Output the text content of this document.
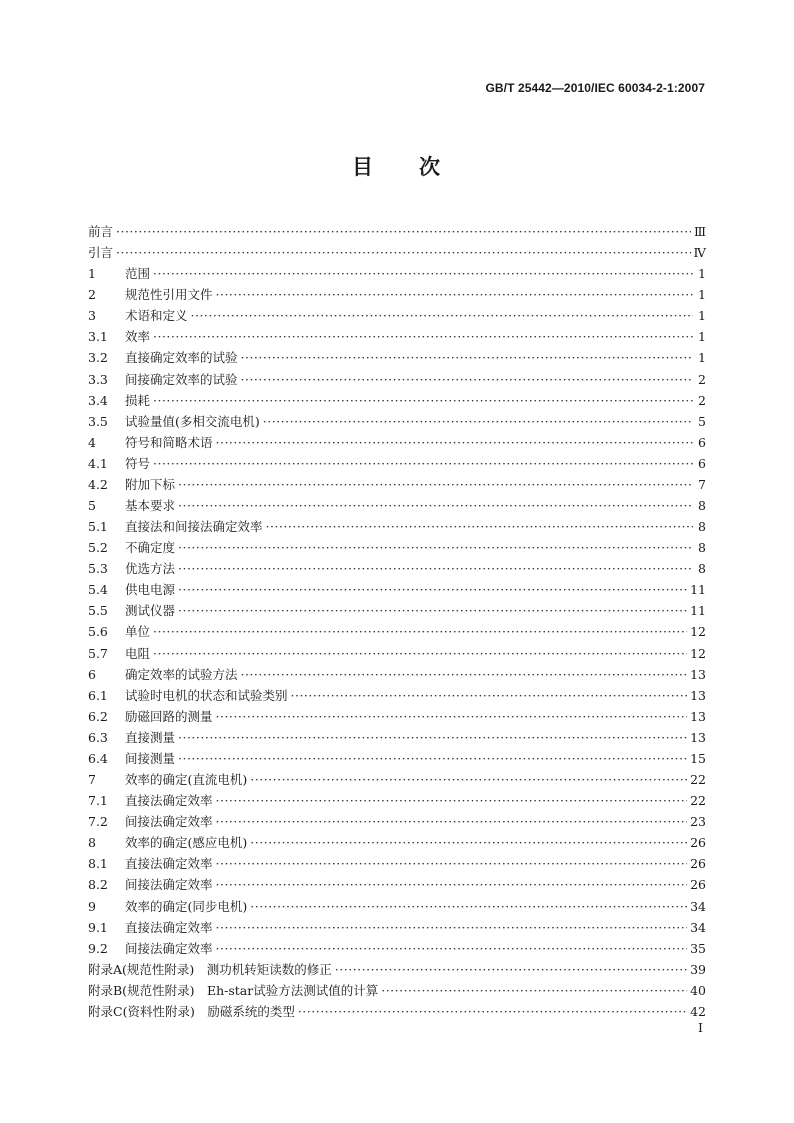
GB/T 25442—2010/IEC 60034-2-1:2007
目 次
前言 ·····	Ⅲ
引言 ·····	Ⅳ
1	范围 ·····	1
2	规范性引用文件 ·····	1
3	术语和定义 ·····	1
3.1	效率 ·····	1
3.2	直接确定效率的试验 ·····	1
3.3	间接确定效率的试验 ·····	2
3.4	损耗 ·····	2
3.5	试验量值(多相交流电机) ·····	5
4	符号和简略术语 ·····	6
4.1	符号 ·····	6
4.2	附加下标 ·····	7
5	基本要求 ·····	8
5.1	直接法和间接法确定效率 ·····	8
5.2	不确定度 ·····	8
5.3	优选方法 ·····	8
5.4	供电电源 ·····	11
5.5	测试仪器 ·····	11
5.6	单位 ·····	12
5.7	电阻 ·····	12
6	确定效率的试验方法 ·····	13
6.1	试验时电机的状态和试验类别 ·····	13
6.2	励磁回路的测量 ·····	13
6.3	直接测量 ·····	13
6.4	间接测量 ·····	15
7	效率的确定(直流电机) ·····	22
7.1	直接法确定效率 ·····	22
7.2	间接法确定效率 ·····	23
8	效率的确定(感应电机) ·····	26
8.1	直接法确定效率 ·····	26
8.2	间接法确定效率 ·····	26
9	效率的确定(同步电机) ·····	34
9.1	直接法确定效率 ·····	34
9.2	间接法确定效率 ·····	35
附录A(规范性附录)　测功机转矩读数的修正 ·····	39
附录B(规范性附录)　Eh-star试验方法测试值的计算 ·····	40
附录C(资料性附录)　励磁系统的类型 ·····	42
I
